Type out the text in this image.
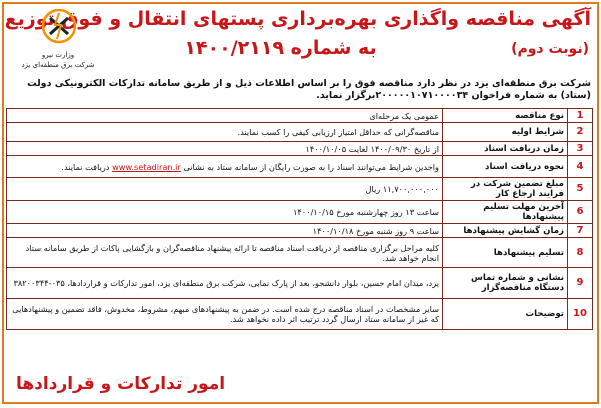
آگهی مناقصه واگذاری بهره‌برداری پستهای انتقال و فوق توزیع
به شماره ۱۴۰۰/۲۱۱۹	(نوبت دوم)
وزارت نیرو
شرکت برق منطقه‌ای یزد
شرکت برق منطقه‌ای یزد در نظر دارد مناقصه فوق را بر اساس اطلاعات ذیل و از طریق سامانه تدارکات الکترونیکی دولت (ستاد) به شماره فراخوان ۲۰۰۰۰۰۱۰۷۱۰۰۰۰۳۴برگزار نماید.
1	نوع مناقصه	عمومی یک مرحله‌ای
2	شرایط اولیه	مناقصه‌گرانی که حداقل امتیاز ارزیابی کیفی را کسب نمایند.
3	زمان دریافت اسناد	از تاریخ ۱۴۰۰/۰۹/۳۰ لغایت ۱۴۰۰/۱۰/۰۵
4	نحوه دریافت اسناد	واجدین شرایط می‌توانند اسناد را به صورت رایگان از سامانه ستاد به نشانی www.setadiran.ir دریافت نمایند.
5	مبلغ تضمین شرکت در فرایند ارجاع کار	۱۱,۷۰۰,۰۰۰,۰۰۰ ریال
6	آخرین مهلت تسلیم پیشنهادها	ساعت ۱۳ روز چهارشنبه مورخ ۱۴۰۰/۱۰/۱۵
7	زمان گشایش پیشنهادها	ساعت ۹ روز شنبه مورخ ۱۴۰۰/۱۰/۱۸
8	تسلیم پیشنهادها	کلیه مراحل برگزاری مناقصه از دریافت اسناد مناقصه تا ارائه پیشنهاد مناقصه‌گران و بازگشایی پاکات از طریق سامانه ستاد انجام خواهد شد.
9	نشانی و شماره تماس دستگاه مناقصه‌گزار	یزد، میدان امام حسین، بلوار دانشجو، بعد از پارک نمایی، شرکت برق منطقه‌ای یزد، امور تدارکات و قراردادها، ۰۳۵-۳۸۲۰۰۳۴۴
10	توضیحات	سایر مشخصات در اسناد مناقصه درج شده است. در ضمن به پیشنهادهای مبهم، مشروط، مخدوش، فاقد تضمین و پیشنهادهایی که غیر از سامانه ستاد ارسال گردد ترتیب اثر داده نخواهد شد.
امور تدارکات و قراردادها
